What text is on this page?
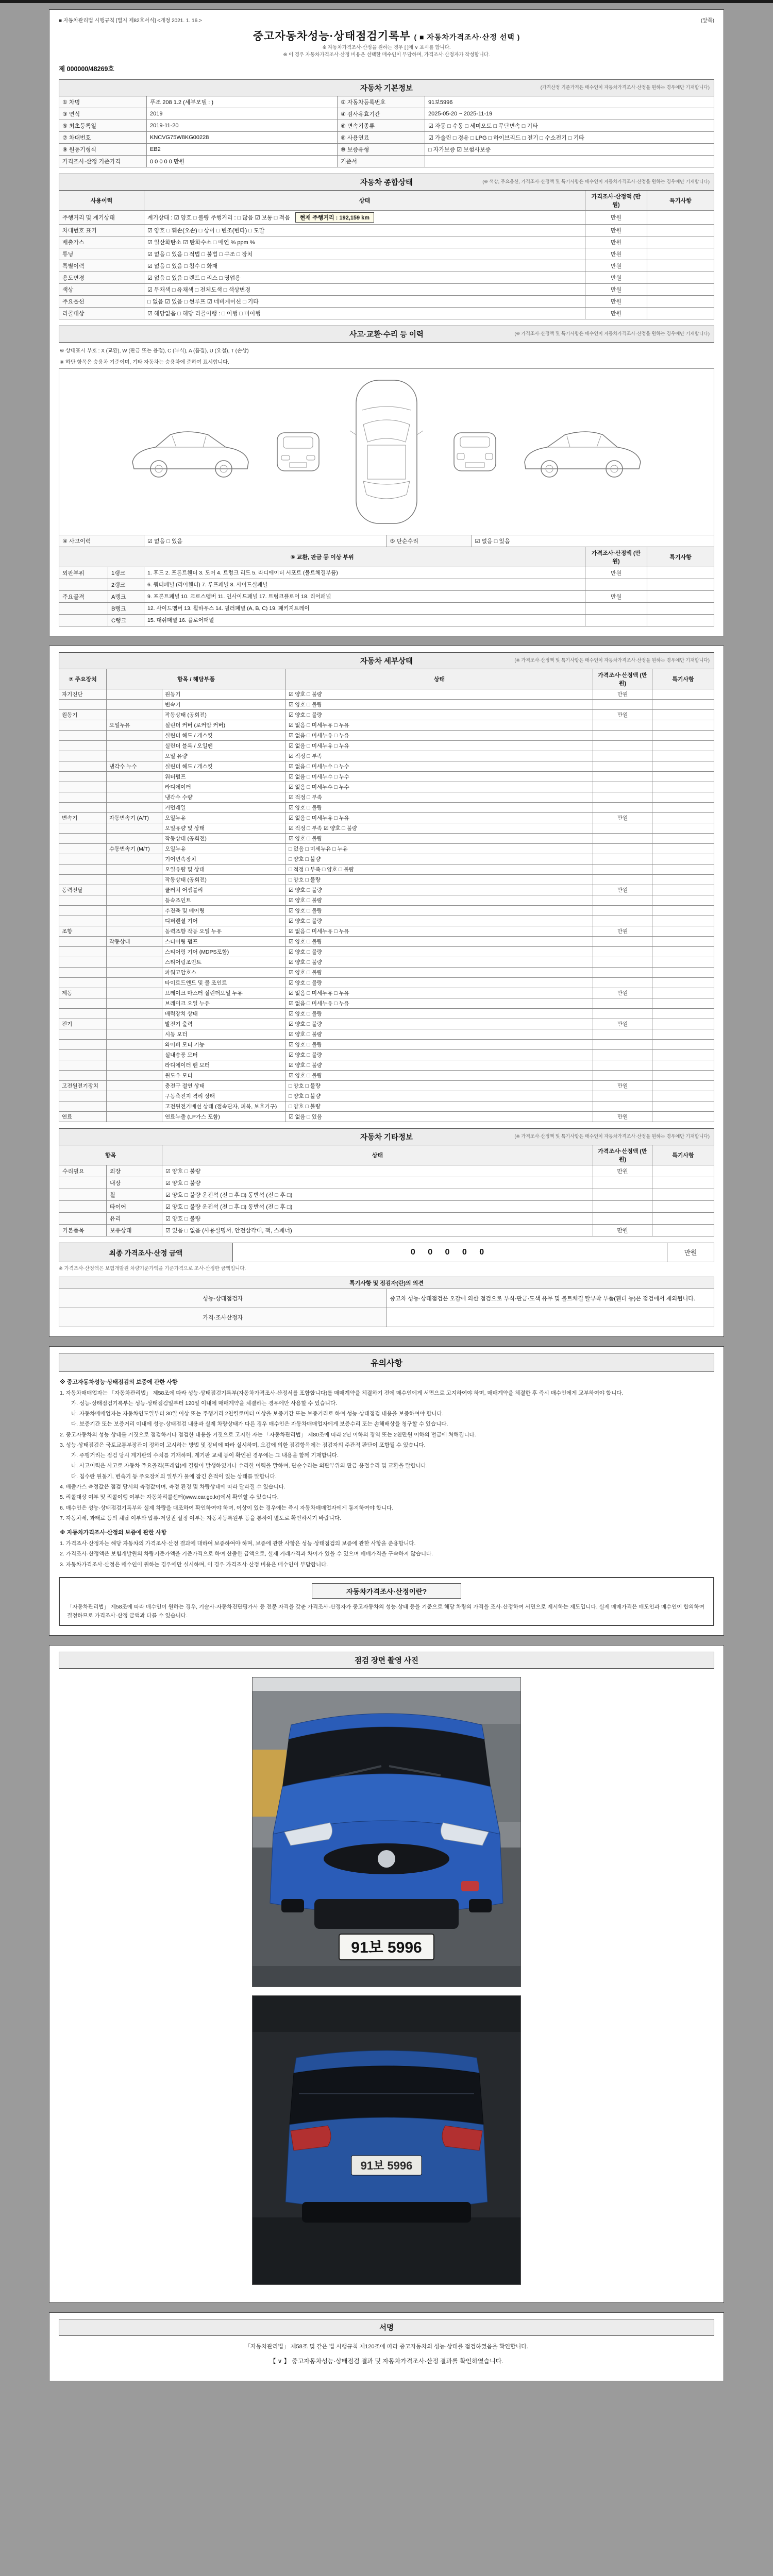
■ 자동차관리법 시행규칙 [별지 제82호서식] <개정 2021. 1. 16.>	(앞쪽)
중고자동차성능·상태점검기록부 ( ■ 자동차가격조사·산정 선택 )
※ 자동차가격조사·산정을 원하는 경우 [ ]에 ∨ 표시를 합니다.
※ 이 경우 자동차가격조사·산정 비용은 선택한 매수인이 부담하며, 가격조사·산정자가 작성합니다.
제 000000/48269호
자동차 기본정보	(가격산정 기준가격은 매수인이 자동차가격조사·산정을 원하는 경우에만 기재합니다)
① 차명	푸조 208 1.2 (세부모델 : )	② 자동차등록번호	91보5996
③ 연식	2019	④ 검사유효기간	2025-05-20 ~ 2025-11-19
⑤ 최초등록일	2019-11-20	⑥ 변속기종류	☑ 자동 □ 수동 □ 세미오토 □ 무단변속 □ 기타
⑦ 차대번호	KNCVG75W8KG00228	⑧ 사용연료	☑ 가솔린 □ 경유 □ LPG □ 하이브리드 □ 전기 □ 수소전기 □ 기타
⑨ 원동기형식	EB2	⑩ 보증유형	□ 자가보증 ☑ 보험사보증
가격조사·산정 기준가격	0 0 0 0 0 만원	기준서	
자동차 종합상태	(※ 색상, 주요옵션, 가격조사·산정액 및 특기사항은 매수인이 자동차가격조사·산정을 원하는 경우에만 기재합니다)
사용이력	상태	가격조사·산정액 (만원)	특기사항
주행거리 및 계기상태	계기상태 : ☑ 양호 □ 불량 주행거리 : □ 많음 ☑ 보통 □ 적음 현재 주행거리 : 192,159 km	만원	
차대번호 표기	☑ 양호 □ 훼손(오손) □ 상이 □ 변조(변타) □ 도말	만원	
배출가스	☑ 일산화탄소 ☑ 탄화수소 □ 매연 % ppm %	만원	
튜닝	☑ 없음 □ 있음 □ 적법 □ 불법 □ 구조 □ 장치	만원	
특별이력	☑ 없음 □ 있음 □ 침수 □ 화재	만원	
용도변경	☑ 없음 □ 있음 □ 렌트 □ 리스 □ 영업용	만원	
색상	☑ 무채색 □ 유채색 □ 전체도색 □ 색상변경	만원	
주요옵션	□ 없음 ☑ 있음 □ 썬루프 ☑ 네비게이션 □ 기타	만원	
리콜대상	☑ 해당없음 □ 해당 리콜이행 : □ 이행 □ 미이행	만원	
사고·교환·수리 등 이력	(※ 가격조사·산정액 및 특기사항은 매수인이 자동차가격조사·산정을 원하는 경우에만 기재합니다)
※ 상태표시 부호 : X (교환), W (판금 또는 용접), C (부식), A (흠집), U (요철), T (손상)
※ 하단 항목은 승용차 기준이며, 기타 자동차는 승용차에 준하여 표시합니다.
④ 사고이력	☑ 없음 □ 있음	⑤ 단순수리	☑ 없음 □ 있음
⑥ 교환, 판금 등 이상 부위			가격조사·산정액 (만원)	특기사항
외판부위	1랭크	1. 후드 2. 프론트휀더 3. 도어 4. 트렁크 리드 5. 라디에이터 서포트 (볼트체결부품)	만원	
	2랭크	6. 쿼터패널 (리어휀더) 7. 루프패널 8. 사이드실패널		
주요골격	A랭크	9. 프론트패널 10. 크로스멤버 11. 인사이드패널 17. 트렁크플로어 18. 리어패널	만원	
	B랭크	12. 사이드멤버 13. 휠하우스 14. 필러패널 (A, B, C) 19. 패키지트레이		
	C랭크	15. 대쉬패널 16. 플로어패널		
자동차 세부상태	(※ 가격조사·산정액 및 특기사항은 매수인이 자동차가격조사·산정을 원하는 경우에만 기재합니다)
⑦ 주요장치	항목 / 해당부품		상태	가격조사·산정액 (만원)	특기사항
자기진단		원동기	☑ 양호 □ 불량	만원	
		변속기	☑ 양호 □ 불량		
원동기		작동상태 (공회전)	☑ 양호 □ 불량	만원	
	오일누유	실린더 커버 (로커암 커버)	☑ 없음 □ 미세누유 □ 누유		
		실린더 헤드 / 개스킷	☑ 없음 □ 미세누유 □ 누유		
		실린더 블록 / 오일팬	☑ 없음 □ 미세누유 □ 누유		
		오일 유량	☑ 적정 □ 부족		
	냉각수 누수	실린더 헤드 / 개스킷	☑ 없음 □ 미세누수 □ 누수		
		워터펌프	☑ 없음 □ 미세누수 □ 누수		
		라디에이터	☑ 없음 □ 미세누수 □ 누수		
		냉각수 수량	☑ 적정 □ 부족		
		커먼레일	☑ 양호 □ 불량		
변속기	자동변속기 (A/T)	오일누유	☑ 없음 □ 미세누유 □ 누유	만원	
		오일유량 및 상태	☑ 적정 □ 부족 ☑ 양호 □ 불량		
		작동상태 (공회전)	☑ 양호 □ 불량		
	수동변속기 (M/T)	오일누유	□ 없음 □ 미세누유 □ 누유		
		기어변속장치	□ 양호 □ 불량		
		오일유량 및 상태	□ 적정 □ 부족 □ 양호 □ 불량		
		작동상태 (공회전)	□ 양호 □ 불량		
동력전달		클러치 어셈블리	☑ 양호 □ 불량	만원	
		등속조인트	☑ 양호 □ 불량		
		추진축 및 베어링	☑ 양호 □ 불량		
		디퍼렌셜 기어	☑ 양호 □ 불량		
조향		동력조향 작동 오일 누유	☑ 없음 □ 미세누유 □ 누유	만원	
	작동상태	스티어링 펌프	☑ 양호 □ 불량		
		스티어링 기어 (MDPS포함)	☑ 양호 □ 불량		
		스티어링조인트	☑ 양호 □ 불량		
		파워고압호스	☑ 양호 □ 불량		
		타이로드엔드 및 볼 조인트	☑ 양호 □ 불량		
제동		브레이크 마스터 실린더오일 누유	☑ 없음 □ 미세누유 □ 누유	만원	
		브레이크 오일 누유	☑ 없음 □ 미세누유 □ 누유		
		배력장치 상태	☑ 양호 □ 불량		
전기		발전기 출력	☑ 양호 □ 불량	만원	
		시동 모터	☑ 양호 □ 불량		
		와이퍼 모터 기능	☑ 양호 □ 불량		
		실내송풍 모터	☑ 양호 □ 불량		
		라디에이터 팬 모터	☑ 양호 □ 불량		
		윈도우 모터	☑ 양호 □ 불량		
고전원전기장치		충전구 절연 상태	□ 양호 □ 불량	만원	
		구동축전지 격리 상태	□ 양호 □ 불량		
		고전원전기배선 상태 (접속단자, 피복, 보호기구)	□ 양호 □ 불량		
연료		연료누출 (LP가스 포함)	☑ 없음 □ 있음	만원	
자동차 기타정보	(※ 가격조사·산정액 및 특기사항은 매수인이 자동차가격조사·산정을 원하는 경우에만 기재합니다)
항목		상태	가격조사·산정액 (만원)	특기사항
수리필요	외장	☑ 양호 □ 불량	만원	
	내장	☑ 양호 □ 불량		
	휠	☑ 양호 □ 불량 운전석 (전 □ 후 □) 동반석 (전 □ 후 □)		
	타이어	☑ 양호 □ 불량 운전석 (전 □ 후 □) 동반석 (전 □ 후 □)		
	유리	☑ 양호 □ 불량		
기본품목	보유상태	☑ 있음 □ 없음 (사용설명서, 안전삼각대, 잭, 스패너)	만원	
최종 가격조사·산정 금액	0 0 0 0 0	만원
※ 가격조사·산정액은 보험개발원 차량기준가액을 기준가격으로 조사·산정한 금액입니다.
특기사항 및 점검자(란)의 의견	
성능·상태점검자	중고차 성능·상태점검은 오감에 의한 점검으로 부식·판금·도색 유무 및 볼트체결 탈부착 부품(휀더 등)은 점검에서 제외됩니다.
가격·조사산정자	
유의사항
※ 중고자동차성능·상태점검의 보증에 관한 사항
1. 자동차매매업자는 「자동차관리법」 제58조에 따라 성능·상태점검기록부(자동차가격조사·산정서를 포함합니다)를 매매계약을 체결하기 전에 매수인에게 서면으로 고지하여야 하며, 매매계약을 체결한 후 즉시 매수인에게 교부하여야 합니다.
가. 성능·상태점검기록부는 성능·상태점검일부터 120일 이내에 매매계약을 체결하는 경우에만 사용할 수 있습니다.
나. 자동차매매업자는 자동차인도일부터 30일 이상 또는 주행거리 2천킬로미터 이상을 보증기간 또는 보증거리로 하여 성능·상태점검 내용을 보증하여야 합니다.
다. 보증기간 또는 보증거리 이내에 성능·상태점검 내용과 실제 차량상태가 다른 경우 매수인은 자동차매매업자에게 보증수리 또는 손해배상을 청구할 수 있습니다.
2. 중고자동차의 성능·상태를 거짓으로 점검하거나 점검한 내용을 거짓으로 고지한 자는 「자동차관리법」 제80조에 따라 2년 이하의 징역 또는 2천만원 이하의 벌금에 처해집니다.
3. 성능·상태점검은 국토교통부장관이 정하여 고시하는 방법 및 장비에 따라 실시하며, 오감에 의한 점검항목에는 점검자의 주관적 판단이 포함될 수 있습니다.
가. 주행거리는 점검 당시 계기판의 수치를 기재하며, 계기판 교체 등이 확인된 경우에는 그 내용을 함께 기재합니다.
나. 사고이력은 사고로 자동차 주요골격(프레임)에 결함이 발생하였거나 수리한 이력을 말하며, 단순수리는 외판부위의 판금·용접수리 및 교환을 말합니다.
다. 침수란 원동기, 변속기 등 주요장치의 일부가 물에 잠긴 흔적이 있는 상태를 말합니다.
4. 배출가스 측정값은 점검 당시의 측정값이며, 측정 환경 및 차량상태에 따라 달라질 수 있습니다.
5. 리콜대상 여부 및 리콜이행 여부는 자동차리콜센터(www.car.go.kr)에서 확인할 수 있습니다.
6. 매수인은 성능·상태점검기록부와 실제 차량을 대조하여 확인하여야 하며, 이상이 있는 경우에는 즉시 자동차매매업자에게 통지하여야 합니다.
7. 자동차세, 과태료 등의 체납 여부와 압류·저당권 설정 여부는 자동차등록원부 등을 통하여 별도로 확인하시기 바랍니다.
※ 자동차가격조사·산정의 보증에 관한 사항
1. 가격조사·산정자는 해당 자동차의 가격조사·산정 결과에 대하여 보증하여야 하며, 보증에 관한 사항은 성능·상태점검의 보증에 관한 사항을 준용합니다.
2. 가격조사·산정액은 보험개발원의 차량기준가액을 기준가격으로 하여 산출한 금액으로, 실제 거래가격과 차이가 있을 수 있으며 매매가격을 구속하지 않습니다.
3. 자동차가격조사·산정은 매수인이 원하는 경우에만 실시하며, 이 경우 가격조사·산정 비용은 매수인이 부담합니다.
자동차가격조사·산정이란?
「자동차관리법」 제58조에 따라 매수인이 원하는 경우, 기술사·자동차진단평가사 등 전문 자격을 갖춘 가격조사·산정자가 중고자동차의 성능·상태 등을 기준으로 해당 차량의 가격을 조사·산정하여 서면으로 제시하는 제도입니다. 실제 매매가격은 매도인과 매수인이 합의하여 결정하므로 가격조사·산정 금액과 다를 수 있습니다.
점검 장면 촬영 사진
91보 5996
91보 5996
서명
「자동차관리법」 제58조 및 같은 법 시행규칙 제120조에 따라 중고자동차의 성능·상태를 점검하였음을 확인합니다.
【 ∨ 】 중고자동차성능·상태점검 결과 및 자동차가격조사·산정 결과를 확인하였습니다.
